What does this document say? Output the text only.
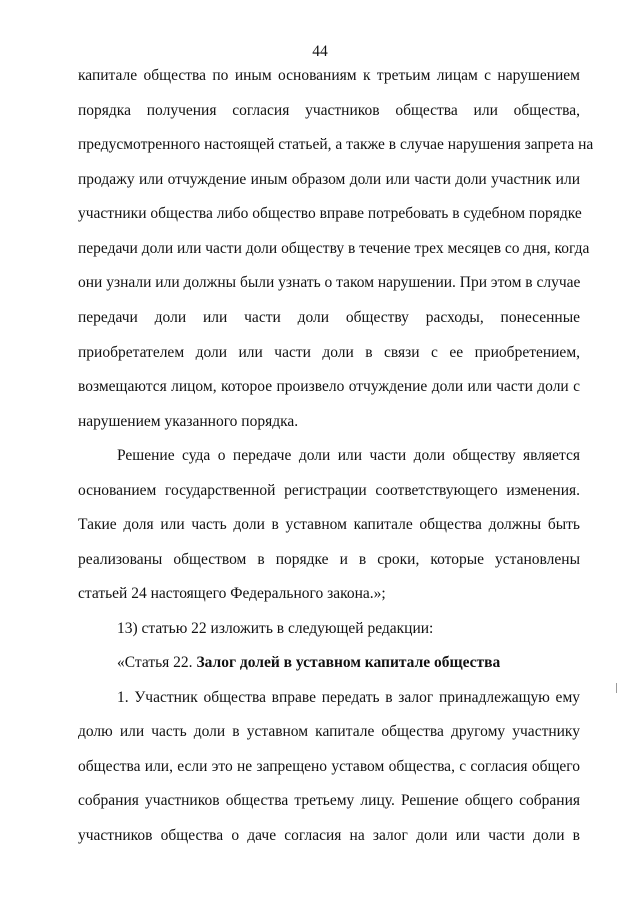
44
капитале общества по иным основаниям к третьим лицам с нарушением
порядка получения согласия участников общества или общества,
предусмотренного настоящей статьей, а также в случае нарушения запрета на
продажу или отчуждение иным образом доли или части доли участник или
участники общества либо общество вправе потребовать в судебном порядке
передачи доли или части доли обществу в течение трех месяцев со дня, когда
они узнали или должны были узнать о таком нарушении. При этом в случае
передачи доли или части доли обществу расходы, понесенные
приобретателем доли или части доли в связи с ее приобретением,
возмещаются лицом, которое произвело отчуждение доли или части доли с
нарушением указанного порядка.
Решение суда о передаче доли или части доли обществу является
основанием государственной регистрации соответствующего изменения.
Такие доля или часть доли в уставном капитале общества должны быть
реализованы обществом в порядке и в сроки, которые установлены
статьей 24 настоящего Федерального закона.»;
13) статью 22 изложить в следующей редакции:
«Статья 22. Залог долей в уставном капитале общества
1. Участник общества вправе передать в залог принадлежащую ему
долю или часть доли в уставном капитале общества другому участнику
общества или, если это не запрещено уставом общества, с согласия общего
собрания участников общества третьему лицу. Решение общего собрания
участников общества о даче согласия на залог доли или части доли в
